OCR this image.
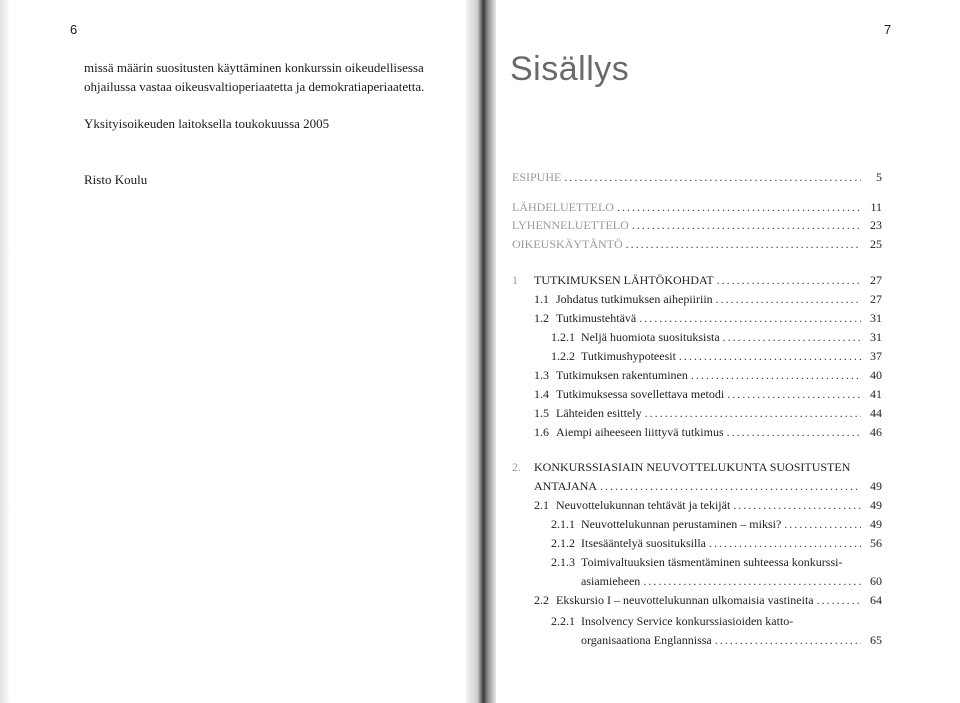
6
missä määrin suositusten käyttäminen konkurssin oikeudellisessa ohjailussa vastaa oikeusvaltioperiaatetta ja demokratiaperiaatetta.
Yksityisoikeuden laitoksella toukokuussa 2005
Risto Koulu
7
Sisällys
ESIPUHE .....	5
LÄHDELUETTELO .....	11
LYHENNELUETTELO .....	23
OIKEUSKÄYTÄNTÖ .....	25
1	TUTKIMUKSEN LÄHTÖKOHDAT .....	27
1.1 Johdatus tutkimuksen aihepiiriin .....	27
1.2 Tutkimustehtävä .....	31
1.2.1 Neljä huomiota suosituksista .....	31
1.2.2 Tutkimushypoteesit .....	37
1.3 Tutkimuksen rakentuminen .....	40
1.4 Tutkimuksessa sovellettava metodi .....	41
1.5 Lähteiden esittely .....	44
1.6 Aiempi aiheeseen liittyvä tutkimus .....	46
2. KONKURSSIASIAIN NEUVOTTELUKUNTA SUOSITUSTEN
ANTAJANA .....	49
2.1 Neuvottelukunnan tehtävät ja tekijät .....	49
2.1.1 Neuvottelukunnan perustaminen – miksi? .....	49
2.1.2 Itsesääntelyä suosituksilla .....	56
2.1.3 Toimivaltuuksien täsmentäminen suhteessa konkurssi-
asiamieheen .....	60
2.2 Ekskursio I – neuvottelukunnan ulkomaisia vastineita .....	64
2.2.1 Insolvency Service konkurssiasioiden katto-
organisaationa Englannissa .....	65
